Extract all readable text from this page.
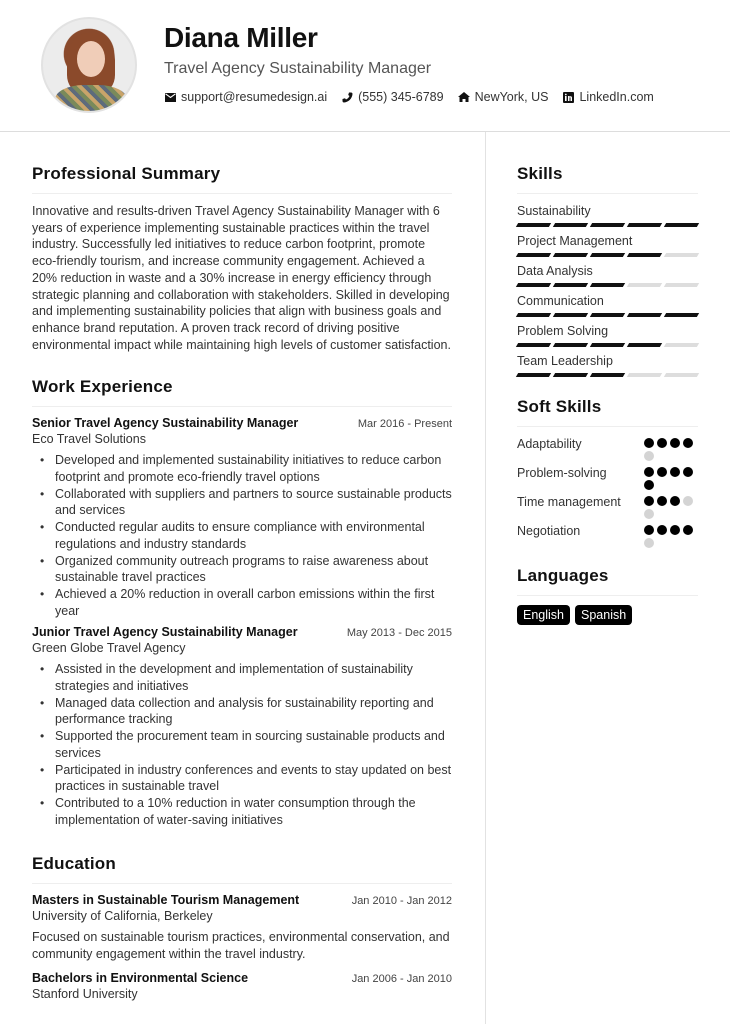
Diana Miller
Travel Agency Sustainability Manager
support@resumedesign.ai (555) 345-6789 NewYork, US LinkedIn.com
Professional Summary
Innovative and results-driven Travel Agency Sustainability Manager with 6 years of experience implementing sustainable practices within the travel industry. Successfully led initiatives to reduce carbon footprint, promote eco-friendly tourism, and increase community engagement. Achieved a 20% reduction in waste and a 30% increase in energy efficiency through strategic planning and collaboration with stakeholders. Skilled in developing and implementing sustainability policies that align with business goals and enhance brand reputation. A proven track record of driving positive environmental impact while maintaining high levels of customer satisfaction.
Work Experience
Senior Travel Agency Sustainability Manager	Mar 2016 - Present
Eco Travel Solutions
• Developed and implemented sustainability initiatives to reduce carbon footprint and promote eco-friendly travel options
• Collaborated with suppliers and partners to source sustainable products and services
• Conducted regular audits to ensure compliance with environmental regulations and industry standards
• Organized community outreach programs to raise awareness about sustainable travel practices
• Achieved a 20% reduction in overall carbon emissions within the first year
Junior Travel Agency Sustainability Manager	May 2013 - Dec 2015
Green Globe Travel Agency
• Assisted in the development and implementation of sustainability strategies and initiatives
• Managed data collection and analysis for sustainability reporting and performance tracking
• Supported the procurement team in sourcing sustainable products and services
• Participated in industry conferences and events to stay updated on best practices in sustainable travel
• Contributed to a 10% reduction in water consumption through the implementation of water-saving initiatives
Education
Masters in Sustainable Tourism Management	Jan 2010 - Jan 2012
University of California, Berkeley
Focused on sustainable tourism practices, environmental conservation, and community engagement within the travel industry.
Bachelors in Environmental Science	Jan 2006 - Jan 2010
Stanford University
Skills
Sustainability
Project Management
Data Analysis
Communication
Problem Solving
Team Leadership
Soft Skills
Adaptability
Problem-solving
Time management
Negotiation
Languages
English	Spanish
